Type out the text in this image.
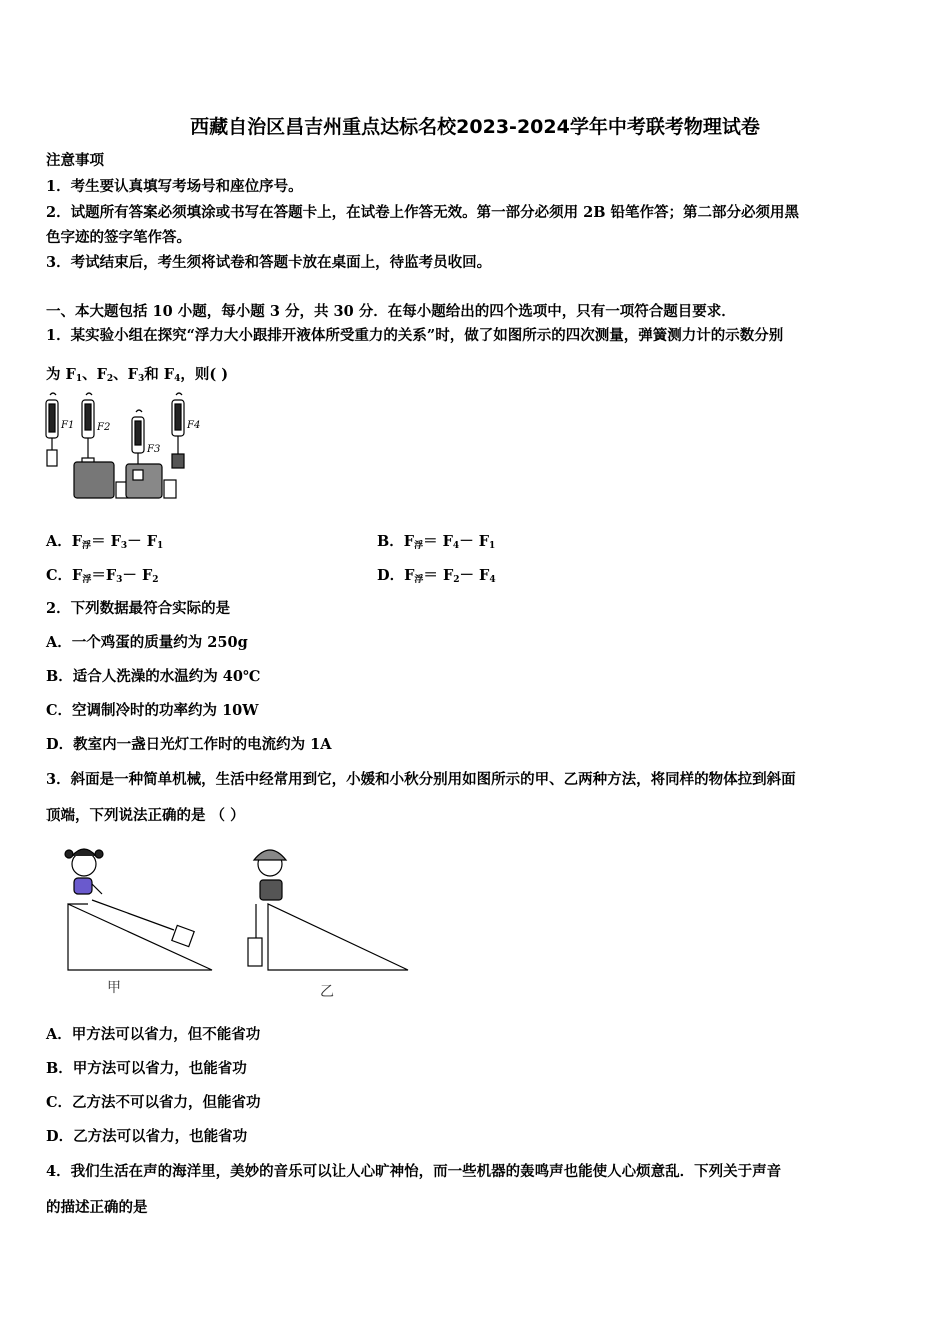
西藏自治区昌吉州重点达标名校2023-2024学年中考联考物理试卷
注意事项
1．考生要认真填写考场号和座位序号。
2．试题所有答案必须填涂或书写在答题卡上，在试卷上作答无效。第一部分必须用 2B 铅笔作答；第二部分必须用黑
色字迹的签字笔作答。
3．考试结束后，考生须将试卷和答题卡放在桌面上，待监考员收回。
一、本大题包括 10 小题，每小题 3 分，共 30 分．在每小题给出的四个选项中，只有一项符合题目要求．
1．某实验小组在探究“浮力大小跟排开液体所受重力的关系”时，做了如图所示的四次测量，弹簧测力计的示数分别
为 $F_1$、$F_2$、$F_3$和 $F_4$，则( )
F1 F2
F3
F4
A．$F_浮= F_3- F_1$	B．$F_浮= F_4- F_1$
C．$F_浮=F_3- F_2$	D．$F_浮= F_2- F_4$
2．下列数据最符合实际的是
A．一个鸡蛋的质量约为 250g
B．适合人洗澡的水温约为 40℃
C．空调制冷时的功率约为 10W
D．教室内一盏日光灯工作时的电流约为 1A
3．斜面是一种简单机械，生活中经常用到它，小媛和小秋分别用如图所示的甲、乙两种方法，将同样的物体拉到斜面
顶端，下列说法正确的是 （ ）
甲	乙
A．甲方法可以省力，但不能省功
B．甲方法可以省力，也能省功
C．乙方法不可以省力，但能省功
D．乙方法可以省力，也能省功
4．我们生活在声的海洋里，美妙的音乐可以让人心旷神怡，而一些机器的轰鸣声也能使人心烦意乱．下列关于声音
的描述正确的是
